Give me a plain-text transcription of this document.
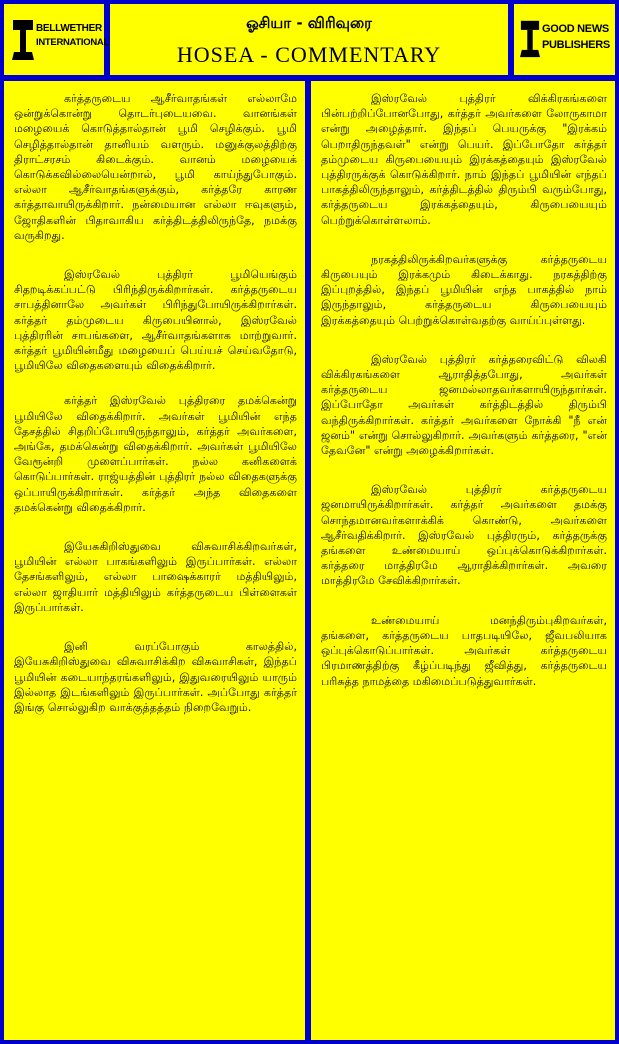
BELLWETHER
INTERNATIONAL
ஓசியா - விரிவுரை
HOSEA - COMMENTARY
GOOD NEWS
PUBLISHERS

கர்த்தருடைய ஆசீர்வாதங்கள் எல்லாமே ஒன்றுக்கொன்று தொடர்புடையவை. வானங்கள் மழையைக் கொடுத்தால்தான் பூமி செழிக்கும். பூமி செழித்தால்தான் தானியம் வளரும். மனுக்குலத்திற்கு திராட்சரசம் கிடைக்கும். வானம் மழையைக் கொடுக்கவில்லையென்றால், பூமி காய்ந்துபோகும். எல்லா ஆசீர்வாதங்களுக்கும், கர்த்தரே காரண கர்த்தாவாயிருக்கிறார். நன்மையான எல்லா ஈவுகளும், ஜோதிகளின் பிதாவாகிய கர்த்திடத்திலிருந்தே, நமக்கு வருகிறது.

இஸ்ரவேல் புத்திரர் பூமியெங்கும் சிதறடிக்கப்பட்டு பிரிந்திருக்கிறார்கள். கர்த்தருடைய சாபத்தினாலே அவர்கள் பிரிந்துபோயிருக்கிறார்கள். கர்த்தர் தம்முடைய கிருபையினால், இஸ்ரவேல் புத்திரரின் சாபங்களை, ஆசீர்வாதங்களாக மாற்றுவார். கர்த்தர் பூமியின்மீது மழையைப் பெய்யச் செய்வதோடு, பூமியிலே விதைகளையும் விதைக்கிறார்.

கர்த்தர் இஸ்ரவேல் புத்திரரை தமக்கென்று பூமியிலே விதைக்கிறார். அவர்கள் பூமியின் எந்த தேசத்தில் சிதறிப்போயிருந்தாலும், கர்த்தர் அவர்களை, அங்கே, தமக்கென்று விதைக்கிறார். அவர்கள் பூமியிலே வேரூன்றி முளைப்பார்கள். நல்ல கனிகளைக் கொடுப்பார்கள். ராஜ்யத்தின் புத்திரர் நல்ல விதைகளுக்கு ஒப்பாயிருக்கிறார்கள். கர்த்தர் அந்த விதைகளை தமக்கென்று விதைக்கிறார்.

இயேசுகிறிஸ்துவை விசுவாசிக்கிறவர்கள், பூமியின் எல்லா பாகங்களிலும் இருப்பார்கள். எல்லா தேசங்களிலும், எல்லா பாஷைக்காரர் மத்தியிலும், எல்லா ஜாதியார் மத்தியிலும் கர்த்தருடைய பிள்ளைகள் இருப்பார்கள்.

இனி வரப்போகும் காலத்தில், இயேசுகிறிஸ்துவை விசுவாசிக்கிற விசுவாசிகள், இந்தப் பூமியின் கடையாந்தரங்களிலும், இதுவரையிலும் யாரும் இல்லாத இடங்களிலும் இருப்பார்கள். அப்போது கர்த்தர் இங்கு சொல்லுகிற வாக்குத்தத்தம் நிறைவேறும்.

இஸ்ரவேல் புத்திரர் விக்கிரகங்களை பின்பற்றிப்போனபோது, கர்த்தர் அவர்களை லோருகாமா என்று அழைத்தார். இந்தப் பெயருக்கு "இரக்கம் பெறாதிருந்தவள்" என்று பெயர். இப்போதோ கர்த்தர் தம்முடைய கிருபையையும் இரக்கத்தையும் இஸ்ரவேல் புத்திரருக்குக் கொடுக்கிறார். நாம் இந்தப் பூமியின் எந்தப் பாகத்திலிருந்தாலும், கர்த்திடத்தில் திரும்பி வரும்போது, கர்த்தருடைய இரக்கத்தையும், கிருபையையும் பெற்றுக்கொள்ளலாம்.

நரகத்திலிருக்கிறவர்களுக்கு கர்த்தருடைய கிருபையும் இரக்கமும் கிடைக்காது. நரகத்திற்கு இப்புறத்தில், இந்தப் பூமியின் எந்த பாகத்தில் நாம் இருந்தாலும், கர்த்தருடைய கிருபையையும் இரக்கத்தையும் பெற்றுக்கொள்வதற்கு வாய்ப்புள்ளது.

இஸ்ரவேல் புத்திரர் கர்த்தரைவிட்டு விலகி விக்கிரகங்களை ஆராதித்தபோது, அவர்கள் கர்த்தருடைய ஜனமல்லாதவர்களாயிருந்தார்கள். இப்போதோ அவர்கள் கர்த்திடத்தில் திரும்பி வந்திருக்கிறார்கள். கர்த்தர் அவர்களை நோக்கி "நீ என் ஜனம்" என்று சொல்லுகிறார். அவர்களும் கர்த்தரை, "என் தேவனே" என்று அழைக்கிறார்கள்.

இஸ்ரவேல் புத்திரர் கர்த்தருடைய ஜனமாயிருக்கிறார்கள். கர்த்தர் அவர்களை தமக்கு சொந்தமானவர்களாக்கிக் கொண்டு, அவர்களை ஆசீர்வதிக்கிறார். இஸ்ரவேல் புத்திரரும், கர்த்தருக்கு தங்களை உண்மையாய் ஒப்புக்கொடுக்கிறார்கள். கர்த்தரை மாத்திரமே ஆராதிக்கிறார்கள். அவரை மாத்திரமே சேவிக்கிறார்கள்.

உண்மையாய் மனந்திரும்புகிறவர்கள், தங்களை, கர்த்தருடைய பாதபடியிலே, ஜீவபலியாக ஒப்புக்கொடுப்பார்கள். அவர்கள் கர்த்தருடைய பிரமாணத்திற்கு கீழ்ப்படிந்து ஜீவித்து, கர்த்தருடைய பரிசுத்த நாமத்தை மகிமைப்படுத்துவார்கள்.
